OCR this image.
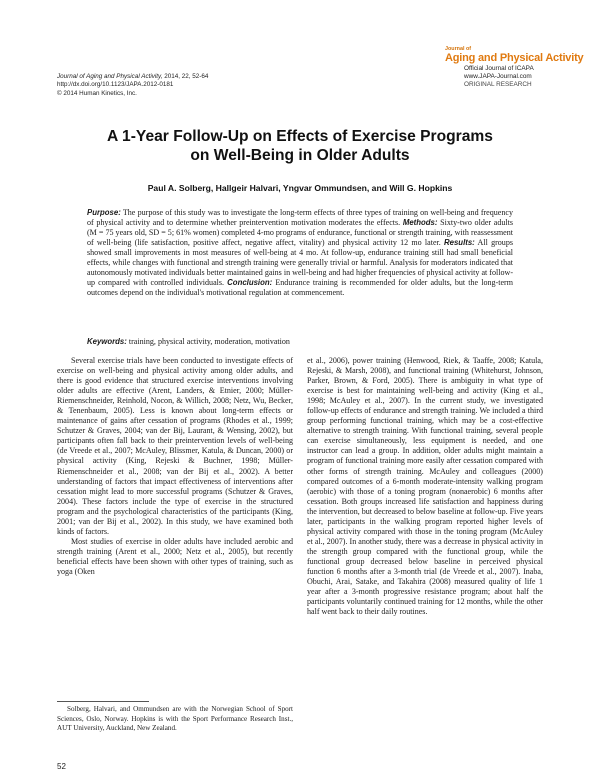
Journal of Aging and Physical Activity, 2014, 22, 52-64
http://dx.doi.org/10.1123/JAPA.2012-0181
© 2014 Human Kinetics, Inc.
Journal of
Aging and Physical Activity
Official Journal of ICAPA
www.JAPA-Journal.com
ORIGINAL RESEARCH
A 1-Year Follow-Up on Effects of Exercise Programs
on Well-Being in Older Adults
Paul A. Solberg, Hallgeir Halvari, Yngvar Ommundsen, and Will G. Hopkins
Purpose: The purpose of this study was to investigate the long-term effects of three types of training on well-being and frequency of physical activity and to determine whether preintervention motivation moderates the effects. Methods: Sixty-two older adults (M = 75 years old, SD = 5; 61% women) completed 4-mo programs of endurance, functional or strength training, with reassessment of well-being (life satisfaction, positive affect, negative affect, vitality) and physical activity 12 mo later. Results: All groups showed small improvements in most measures of well-being at 4 mo. At follow-up, endurance training still had small beneficial effects, while changes with functional and strength training were generally trivial or harmful. Analysis for moderators indicated that autonomously motivated individuals better maintained gains in well-being and had higher frequencies of physical activity at follow-up compared with controlled individuals. Conclusion: Endurance training is recommended for older adults, but the long-term outcomes depend on the individual's motivational regulation at commencement.
Keywords: training, physical activity, moderation, motivation

Several exercise trials have been conducted to investigate effects of exercise on well-being and physical activity among older adults, and there is good evidence that structured exercise interventions involving older adults are effective (Arent, Landers, & Etnier, 2000; Müller-Riemenschneider, Reinhold, Nocon, & Willich, 2008; Netz, Wu, Becker, & Tenenbaum, 2005). Less is known about long-term effects or maintenance of gains after cessation of programs (Rhodes et al., 1999; Schutzer & Graves, 2004; van der Bij, Laurant, & Wensing, 2002), but participants often fall back to their preintervention levels of well-being (de Vreede et al., 2007; McAuley, Blissmer, Katula, & Duncan, 2000) or physical activity (King, Rejeski & Buchner, 1998; Müller-Riemenschneider et al., 2008; van der Bij et al., 2002). A better understanding of factors that impact effectiveness of interventions after cessation might lead to more successful programs (Schutzer & Graves, 2004). These factors include the type of exercise in the structured program and the psychological characteristics of the participants (King, 2001; van der Bij et al., 2002). In this study, we have examined both kinds of factors.

Most studies of exercise in older adults have included aerobic and strength training (Arent et al., 2000; Netz et al., 2005), but recently beneficial effects have been shown with other types of training, such as yoga (Oken

et al., 2006), power training (Henwood, Riek, & Taaffe, 2008; Katula, Rejeski, & Marsh, 2008), and functional training (Whitehurst, Johnson, Parker, Brown, & Ford, 2005). There is ambiguity in what type of exercise is best for maintaining well-being and activity (King et al., 1998; McAuley et al., 2007). In the current study, we investigated follow-up effects of endurance and strength training. We included a third group performing functional training, which may be a cost-effective alternative to strength training. With functional training, several people can exercise simultaneously, less equipment is needed, and one instructor can lead a group. In addition, older adults might maintain a program of functional training more easily after cessation compared with other forms of strength training. McAuley and colleagues (2000) compared outcomes of a 6-month moderate-intensity walking program (aerobic) with those of a toning program (nonaerobic) 6 months after cessation. Both groups increased life satisfaction and happiness during the intervention, but decreased to below baseline at follow-up. Five years later, participants in the walking program reported higher levels of physical activity compared with those in the toning program (McAuley et al., 2007). In another study, there was a decrease in physical activity in the strength group compared with the functional group, while the functional group decreased below baseline in perceived physical function 6 months after a 3-month trial (de Vreede et al., 2007). Inaba, Obuchi, Arai, Satake, and Takahira (2008) measured quality of life 1 year after a 3-month progressive resistance program; about half the participants voluntarily continued training for 12 months, while the other half went back to their daily routines.

Solberg, Halvari, and Ommundsen are with the Norwegian School of Sport Sciences, Oslo, Norway. Hopkins is with the Sport Performance Research Inst., AUT University, Auckland, New Zealand.

52
